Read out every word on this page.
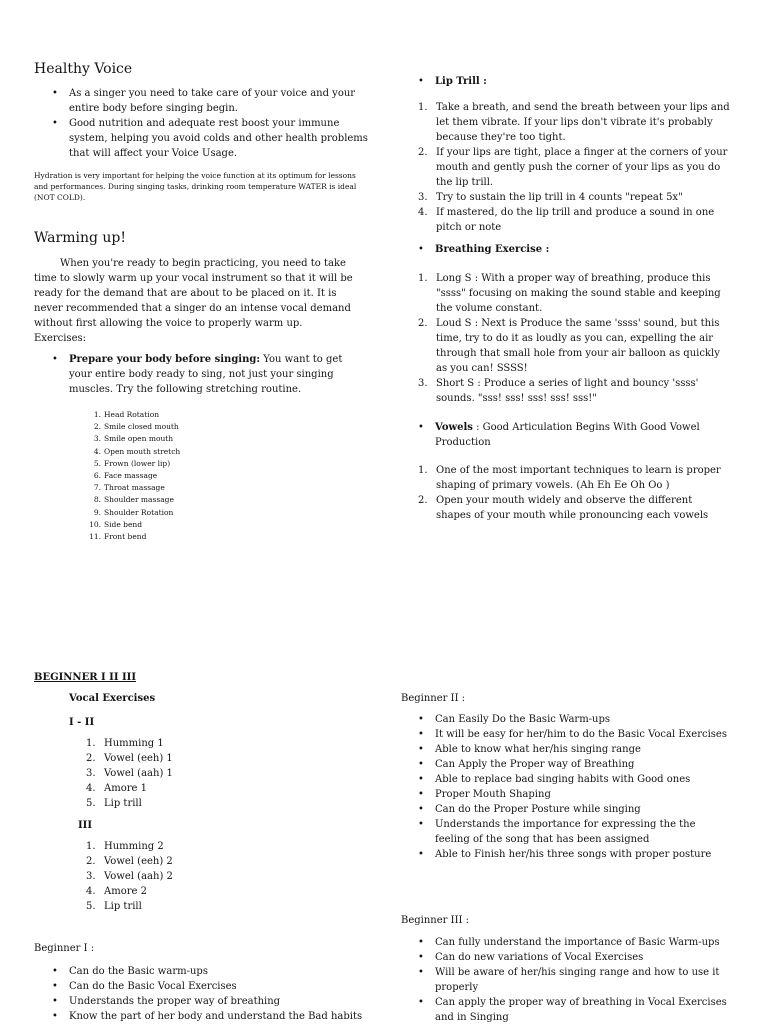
Healthy Voice
• As a singer you need to take care of your voice and your entire body before singing begin.
• Good nutrition and adequate rest boost your immune system, helping you avoid colds and other health problems that will affect your Voice Usage.

Hydration is very important for helping the voice function at its optimum for lessons and performances. During singing tasks, drinking room temperature WATER is ideal (NOT COLD).

Warming up!

When you're ready to begin practicing, you need to take time to slowly warm up your vocal instrument so that it will be ready for the demand that are about to be placed on it. It is never recommended that a singer do an intense vocal demand without first allowing the voice to properly warm up.

Exercises:

• Prepare your body before singing: You want to get your entire body ready to sing, not just your singing muscles. Try the following stretching routine.
1. Head Rotation
2. Smile closed mouth
3. Smile open mouth
4. Open mouth stretch
5. Frown (lower lip)
6. Face massage
7. Throat massage
8. Shoulder massage
9. Shoulder Rotation
10. Side bend
11. Front bend
• Lip Trill :
1. Take a breath, and send the breath between your lips and let them vibrate. If your lips don't vibrate it's probably because they're too tight.
2. If your lips are tight, place a finger at the corners of your mouth and gently push the corner of your lips as you do the lip trill.
3. Try to sustain the lip trill in 4 counts "repeat 5x"
4. If mastered, do the lip trill and produce a sound in one pitch or note
• Breathing Exercise :
1. Long S : With a proper way of breathing, produce this "ssss" focusing on making the sound stable and keeping the volume constant.
2. Loud S : Next is Produce the same 'ssss' sound, but this time, try to do it as loudly as you can, expelling the air through that small hole from your air balloon as quickly as you can! SSSS!
3. Short S : Produce a series of light and bouncy 'ssss' sounds. "sss! sss! sss! sss! sss!"
• Vowels : Good Articulation Begins With Good Vowel Production
1. One of the most important techniques to learn is proper shaping of primary vowels. (Ah Eh Ee Oh Oo )
2. Open your mouth widely and observe the different shapes of your mouth while pronouncing each vowels
BEGINNER I II III
Vocal Exercises
I - II
1. Humming 1
2. Vowel (eeh) 1
3. Vowel (aah) 1
4. Amore 1
5. Lip trill
III
1. Humming 2
2. Vowel (eeh) 2
3. Vowel (aah) 2
4. Amore 2
5. Lip trill
Beginner I :
• Can do the Basic warm-ups
• Can do the Basic Vocal Exercises
• Understands the proper way of breathing
• Know the part of her body and understand the Bad habits
Beginner II :
• Can Easily Do the Basic Warm-ups
• It will be easy for her/him to do the Basic Vocal Exercises
• Able to know what her/his singing range
• Can Apply the Proper way of Breathing
• Able to replace bad singing habits with Good ones
• Proper Mouth Shaping
• Can do the Proper Posture while singing
• Understands the importance for expressing the the feeling of the song that has been assigned
• Able to Finish her/his three songs with proper posture
Beginner III :
• Can fully understand the importance of Basic Warm-ups
• Can do new variations of Vocal Exercises
• Will be aware of her/his singing range and how to use it properly
• Can apply the proper way of breathing in Vocal Exercises and in Singing
